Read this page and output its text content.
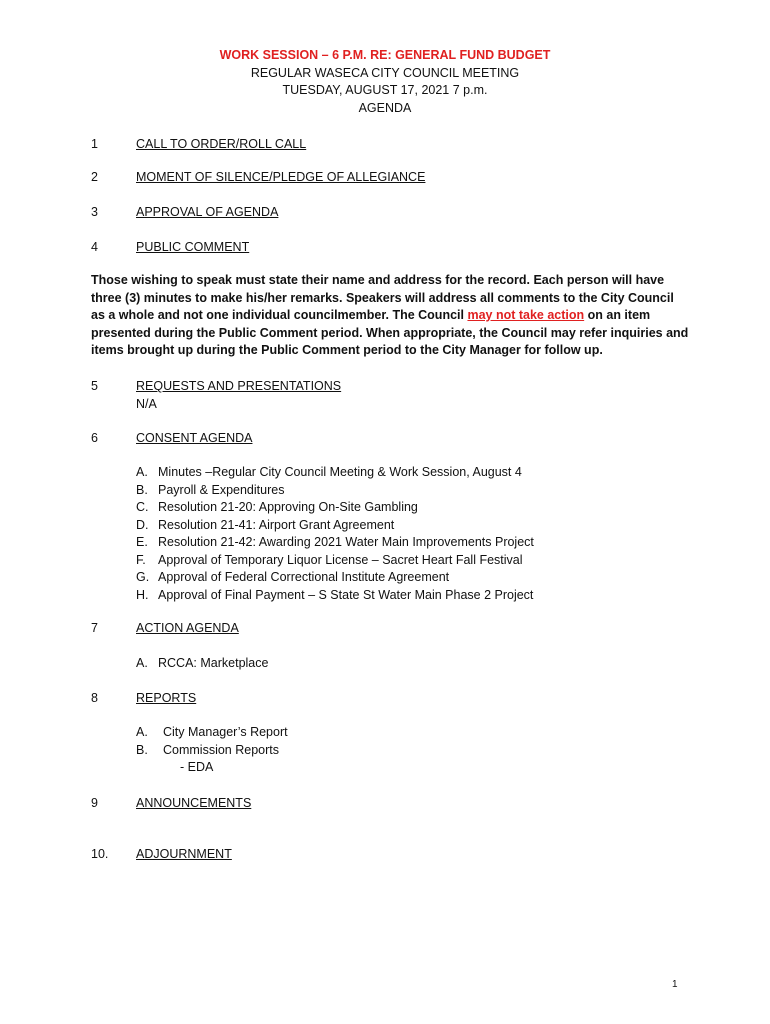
WORK SESSION – 6 P.M. RE: GENERAL FUND BUDGET
REGULAR WASECA CITY COUNCIL MEETING
TUESDAY, AUGUST 17, 2021 7 p.m.
AGENDA
1	CALL TO ORDER/ROLL CALL
2	MOMENT OF SILENCE/PLEDGE OF ALLEGIANCE
3	APPROVAL OF AGENDA
4	PUBLIC COMMENT
Those wishing to speak must state their name and address for the record. Each person will have three (3) minutes to make his/her remarks. Speakers will address all comments to the City Council as a whole and not one individual councilmember. The Council may not take action on an item presented during the Public Comment period. When appropriate, the Council may refer inquiries and items brought up during the Public Comment period to the City Manager for follow up.
5	REQUESTS AND PRESENTATIONS
N/A
6	CONSENT AGENDA
A. Minutes –Regular City Council Meeting & Work Session, August 4
B. Payroll & Expenditures
C. Resolution 21-20: Approving On-Site Gambling
D. Resolution 21-41: Airport Grant Agreement
E. Resolution 21-42: Awarding 2021 Water Main Improvements Project
F. Approval of Temporary Liquor License – Sacret Heart Fall Festival
G. Approval of Federal Correctional Institute Agreement
H. Approval of Final Payment – S State St Water Main Phase 2 Project
7	ACTION AGENDA
A. RCCA: Marketplace
8	REPORTS
A. City Manager’s Report
B. Commission Reports
- EDA
9	ANNOUNCEMENTS
10. ADJOURNMENT
1
